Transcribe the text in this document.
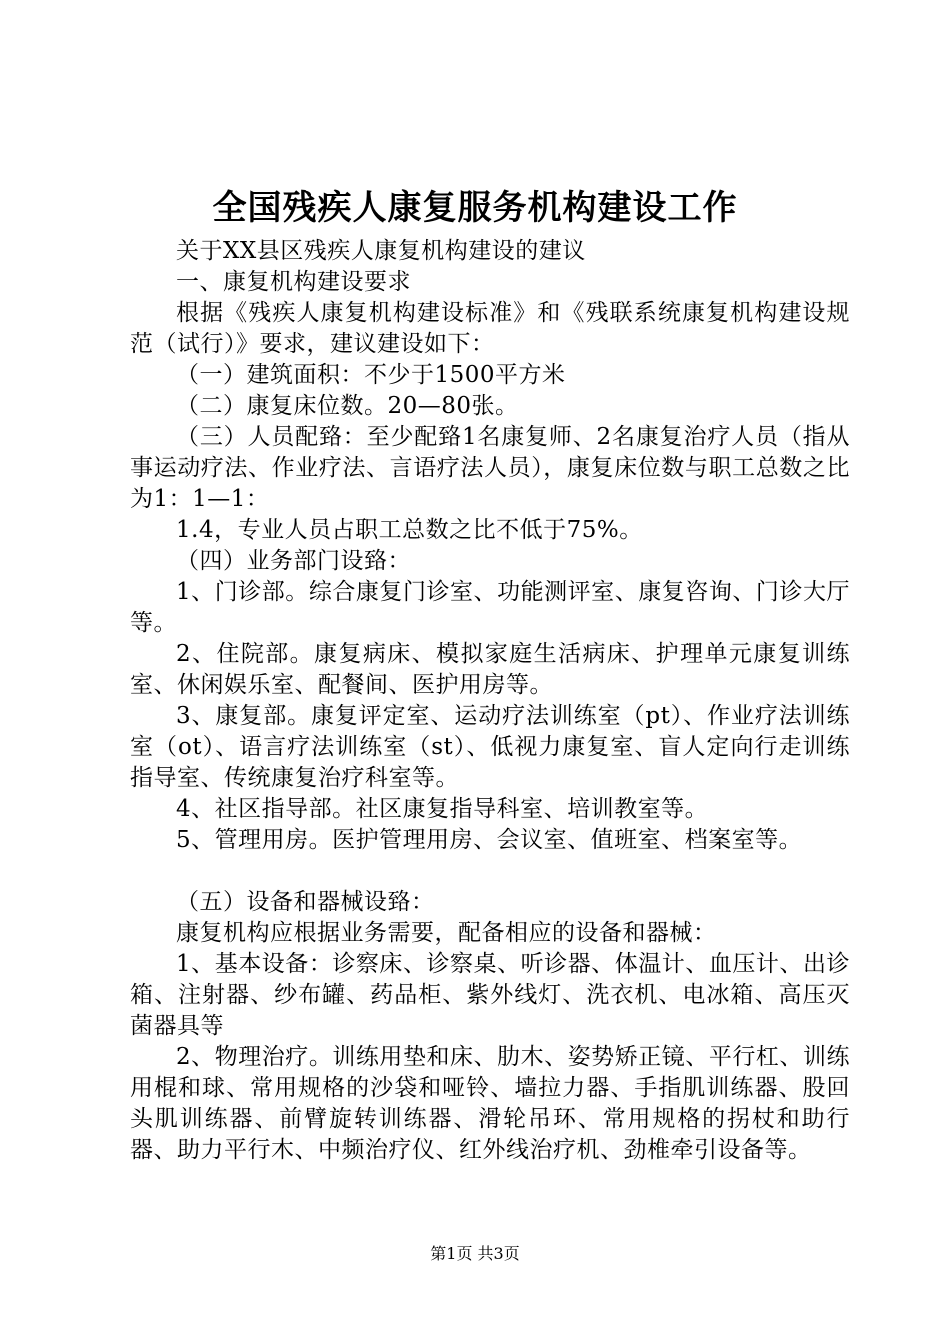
全国残疾人康复服务机构建设工作

关于XX县区残疾人康复机构建设的建议

一、康复机构建设要求

根据《残疾人康复机构建设标准》和《残联系统康复机构建设规范（试行）》要求，建议建设如下：

（一）建筑面积：不少于1500平方米

（二）康复床位数。20—80张。

（三）人员配臵：至少配臵1名康复师、2名康复治疗人员（指从事运动疗法、作业疗法、言语疗法人员），康复床位数与职工总数之比为1：1—1：

1.4，专业人员占职工总数之比不低于75%。

（四）业务部门设臵：

1、门诊部。综合康复门诊室、功能测评室、康复咨询、门诊大厅等。

2、住院部。康复病床、模拟家庭生活病床、护理单元康复训练室、休闲娱乐室、配餐间、医护用房等。

3、康复部。康复评定室、运动疗法训练室（pt）、作业疗法训练室（ot）、语言疗法训练室（st）、低视力康复室、盲人定向行走训练指导室、传统康复治疗科室等。

4、社区指导部。社区康复指导科室、培训教室等。

5、管理用房。医护管理用房、会议室、值班室、档案室等。

（五）设备和器械设臵：

康复机构应根据业务需要，配备相应的设备和器械：

1、基本设备：诊察床、诊察桌、听诊器、体温计、血压计、出诊箱、注射器、纱布罐、药品柜、紫外线灯、洗衣机、电冰箱、高压灭菌器具等

2、物理治疗。训练用垫和床、肋木、姿势矫正镜、平行杠、训练用棍和球、常用规格的沙袋和哑铃、墙拉力器、手指肌训练器、股回头肌训练器、前臂旋转训练器、滑轮吊环、常用规格的拐杖和助行器、助力平行木、中频治疗仪、红外线治疗机、劲椎牵引设备等。

第1页 共3页
